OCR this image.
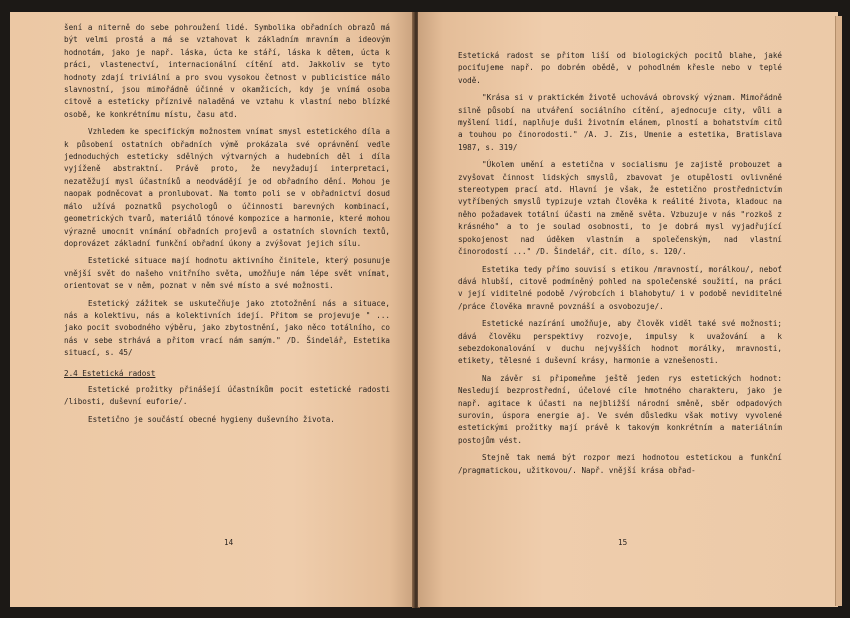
šení a niterně do sebe pohroužení lidé. Symbolika obřadních obrazů má být velmi prostá a má se vztahovat k základním mravním a ideovým hodnotám, jako je např. láska, úcta ke stáří, láska k dětem, úcta k práci, vlastenectví, internacionální cítění atd. Jakkoliv se tyto hodnoty zdají triviální a pro svou vysokou četnost v publicistice málo slavnostní, jsou mimořádně účinné v okamžicích, kdy je vnímá osoba citově a esteticky příznivě naladěná ve vztahu k vlastní nebo blízké osobě, ke konkrétnímu místu, času atd.

Vzhledem ke specifickým možnostem vnímat smysl estetického díla a k působení ostatních obřadních výmě prokázala své oprávnění vedle jednoduchých esteticky sdělných výtvarných a hudebních děl i díla vyjíženě abstraktní. Právě proto, že nevyžadují interpretaci, nezatěžují mysl účastníků a neodvádějí je od obřadního dění. Mohou je naopak podněcovat a pronlubovat. Na tomto poli se v obřadnictví dosud málo užívá poznatků psychologů o účinnosti barevných kombinací, geometrických tvarů, materiálů tónové kompozice a harmonie, které mohou výrazně umocnit vnímání obřadních projevů a ostatních slovních textů, doprovázet základní funkční obřadní úkony a zvýšovat jejich sílu.

Estetické situace mají hodnotu aktivního činitele, který posunuje vnější svět do našeho vnitřního světa, umožňuje nám lépe svět vnímat, orientovat se v něm, poznat v něm své místo a své možnosti.

Estetický zážitek se uskutečňuje jako ztotožnění nás a situace, nás a kolektivu, nás a kolektivních idejí. Přitom se projevuje " ... jako pocit svobodného výběru, jako zbytostnění, jako něco totálního, co nás v sebe strhává a přitom vrací nám samým." /D. Šindelář, Estetika situací, s. 45/

2.4 Estetická radost

Estetické prožitky přinášejí účastníkům pocit estetické radosti /libosti, duševní euforie/.

Estetično je součástí obecné hygieny duševního života.

14

Estetická radost se přitom liší od biologických pocitů blahe, jaké pociťujeme např. po dobrém obědě, v pohodlném křesle nebo v teplé vodě.

"Krása si v praktickém životě uchovává obrovský význam. Mimořádně silně působí na utváření sociálního cítění, ajednocuje city, vůli a myšlení lidí, naplňuje duši životním elánem, plností a bohatstvím citů a touhou po činorodosti." /A. J. Zis, Umenie a estetika, Bratislava 1987, s. 319/

"Úkolem umění a estetična v socialismu je zajistě probouzet a zvyšovat činnost lidských smyslů, zbavovat je otupělosti ovlivněné stereotypem prací atd. Hlavní je však, že estetično prostřednictvím vytříbených smyslů typizuje vztah člověka k reálité života, kladouc na něho požadavek totální účasti na změně světa. Vzbuzuje v nás "rozkoš z krásného" a to je soulad osobnosti, to je dobrá mysl vyjadřující spokojenost nad úděkem vlastním a společenským, nad vlastní činorodostí ..." /D. Šindelář, cit. dílo, s. 120/.

Estetika tedy přímo souvisí s etikou /mravností, morálkou/, neboť dává hlubší, citově podmíněný pohled na společenské soužití, na práci v její viditelné podobě /výrobcích i blahobytu/ i v podobě neviditelné /práce člověka mravně povznáší a osvobozuje/.

Estetické nazírání umožňuje, aby člověk viděl také své možnosti; dává člověku perspektivy rozvoje, impulsy k uvažování a k sebezdokonalování v duchu nejvyšších hodnot morálky, mravnosti, etikety, tělesné i duševní krásy, harmonie a vznešenosti.

Na závěr si připomeňme ještě jeden rys estetických hodnot: Nesledují bezprostřední, účelové cíle hmotného charakteru, jako je např. agitace k účasti na nejbližší národní směně, sběr odpadových surovin, úspora energie aj. Ve svém důsledku však motivy vyvolené estetickými prožitky mají právě k takovým konkrétním a materiálním postojům vést.

Stejně tak nemá být rozpor mezi hodnotou estetickou a funkční /pragmatickou, užitkovou/. Např. vnější krása obřad-

15
